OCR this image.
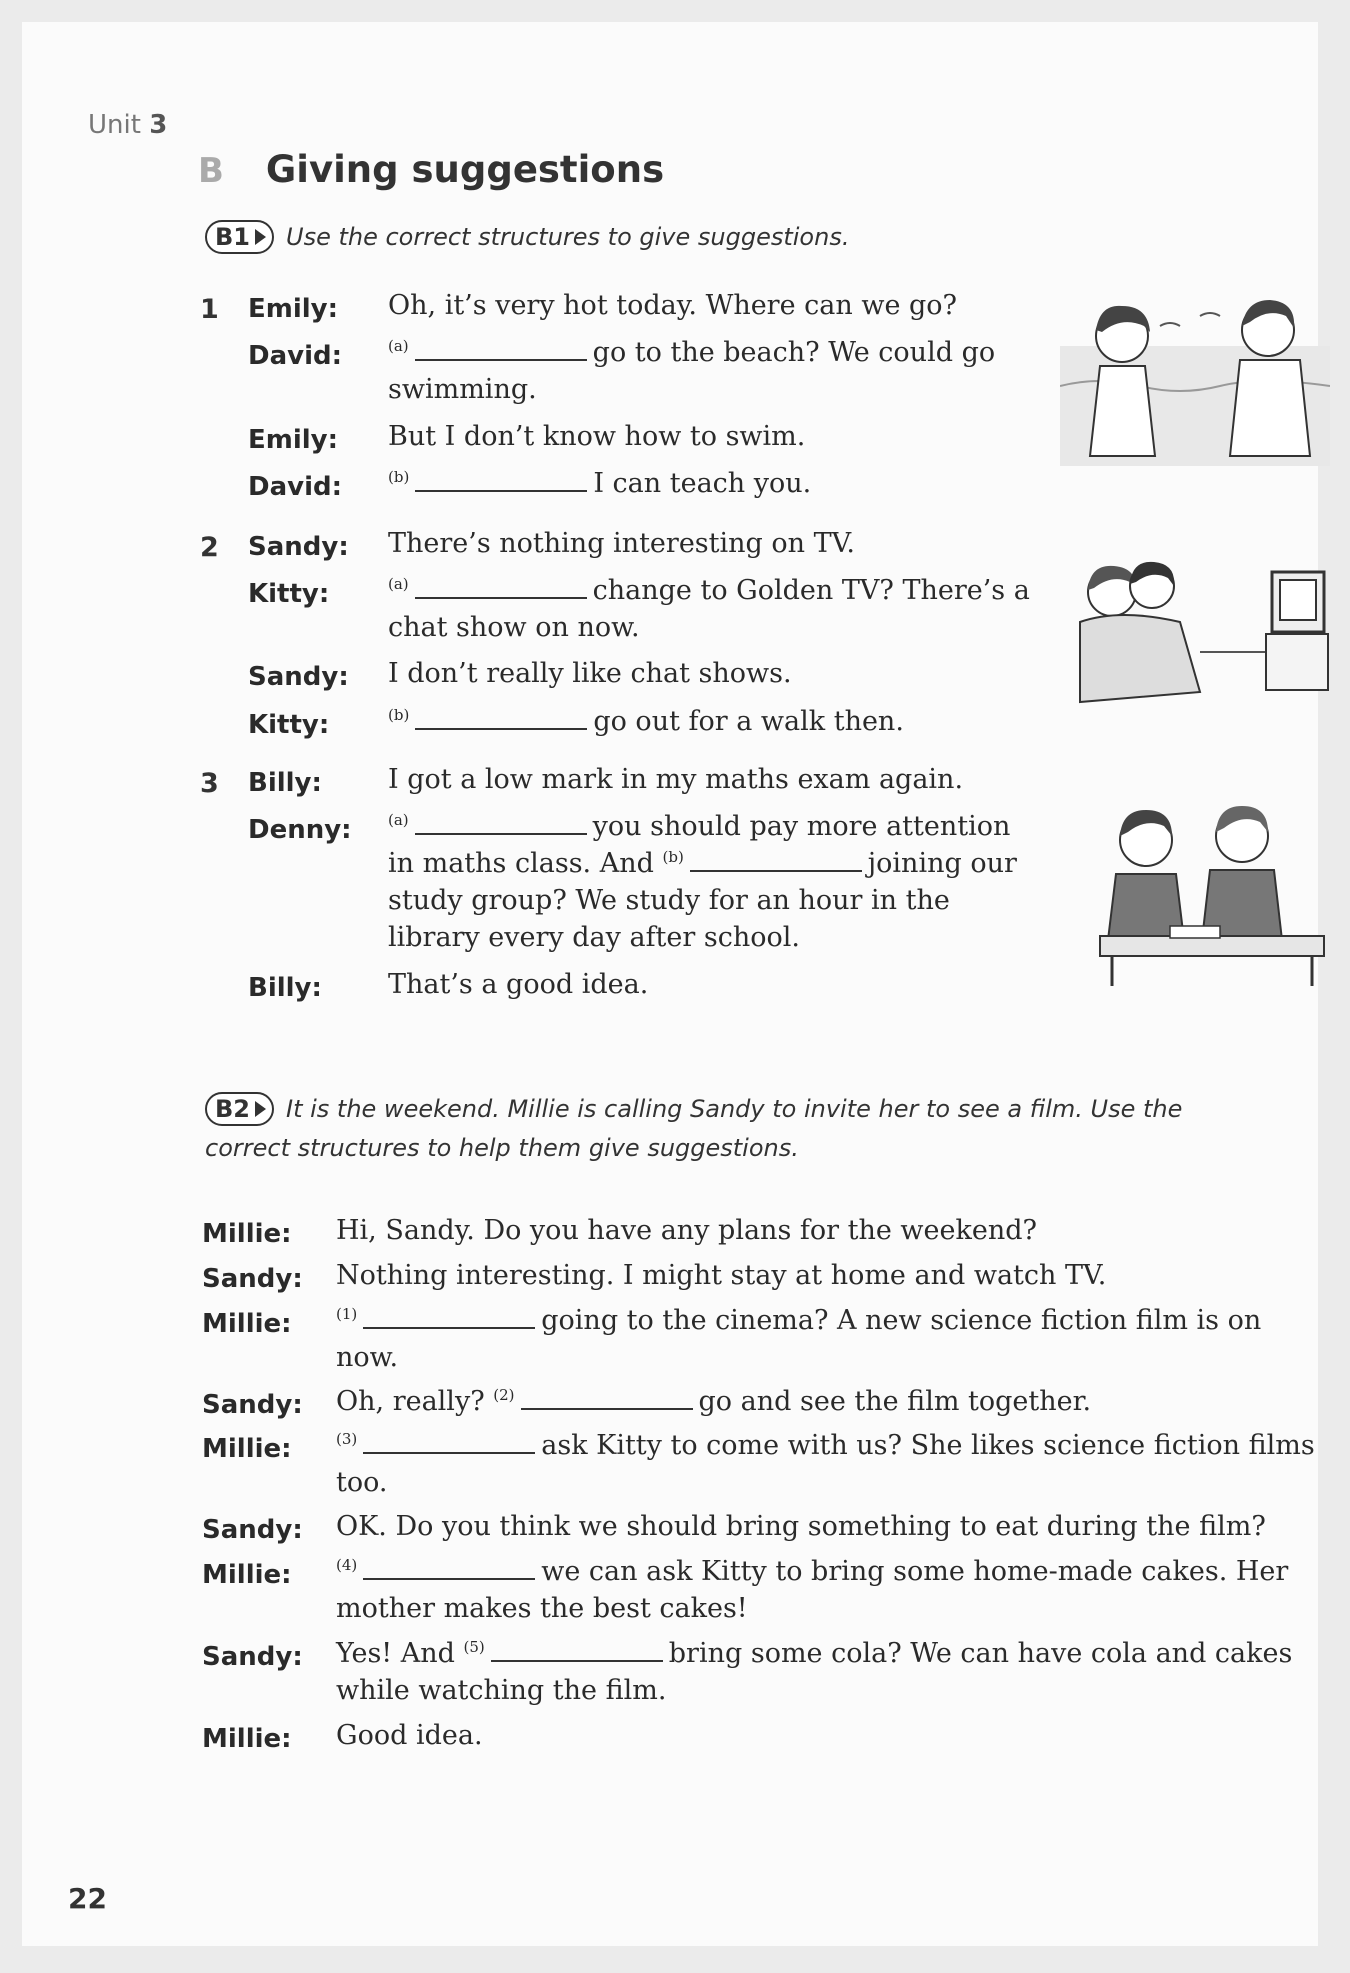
Unit 3
B Giving suggestions
B1 Use the correct structures to give suggestions.
1 Emily: Oh, it’s very hot today. Where can we go?
David:	$^{(a)}$	go to the beach? We could go
swimming.
Emily: But I don’t know how to swim.
David:	$^{(b)}$	I can teach you.
2 Sandy: There’s nothing interesting on TV.
Kitty:	$^{(a)}$	change to Golden TV? There’s a
chat show on now.
Sandy: I don’t really like chat shows.
Kitty:	$^{(b)}$	go out for a walk then.
3 Billy: I got a low mark in my maths exam again.
Denny: $^{(a)}$	you should pay more attention
in maths class. And $^{(b)}$	joining our
study group? We study for an hour in the
library every day after school.
Billy: That’s a good idea.
B2 It is the weekend. Millie is calling Sandy to invite her to see a film. Use the
correct structures to help them give suggestions.
Millie: Hi, Sandy. Do you have any plans for the weekend?
Sandy: Nothing interesting. I might stay at home and watch TV.
Millie:	$^{(1)}$	going to the cinema? A new science fiction film is on
now.
Sandy: Oh, really? $^{(2)}$	go and see the film together.
Millie:	$^{(3)}$	ask Kitty to come with us? She likes science fiction films
too.
Sandy: OK. Do you think we should bring something to eat during the film?
Millie:	$^{(4)}$	we can ask Kitty to bring some home-made cakes. Her
mother makes the best cakes!
Sandy: Yes! And $^{(5)}$	bring some cola? We can have cola and cakes
while watching the film.
Millie: Good idea.
22
